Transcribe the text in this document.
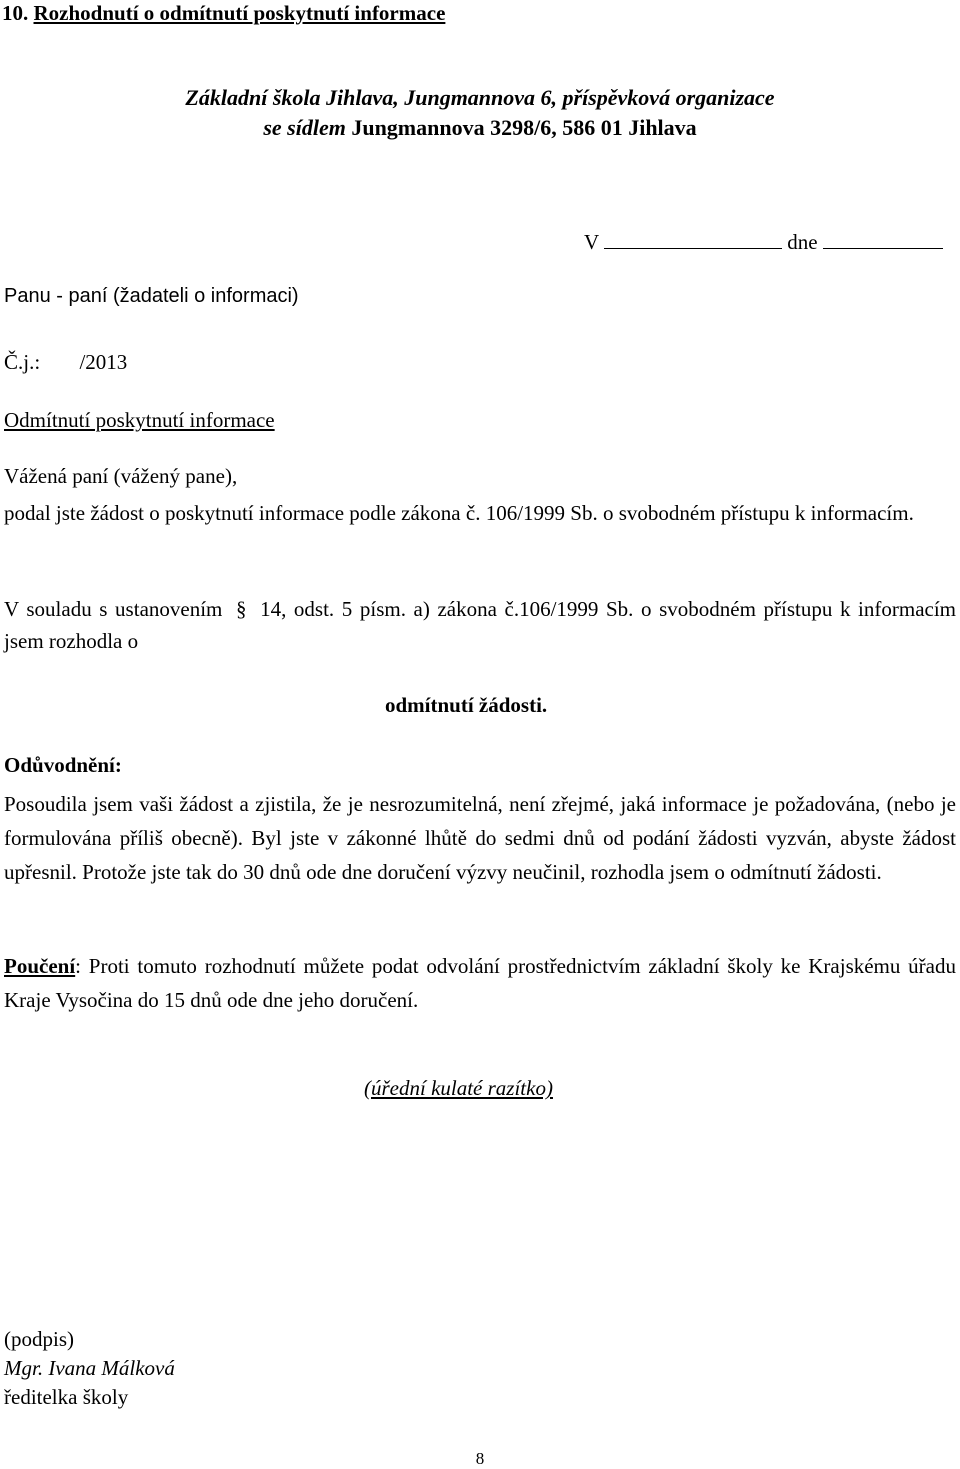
10. Rozhodnutí o odmítnutí poskytnutí informace
Základní škola Jihlava, Jungmannova 6, příspěvková organizace
se sídlem Jungmannova 3298/6, 586 01 Jihlava
V	dne
Panu - paní (žadateli o informaci)
Č.j.: /2013
Odmítnutí poskytnutí informace
Vážená paní (vážený pane),
podal jste žádost o poskytnutí informace podle zákona č. 106/1999 Sb. o svobodném přístupu k informacím.
V souladu s ustanovením § 14, odst. 5 písm. a) zákona č.106/1999 Sb. o svobodném přístupu k informacím jsem rozhodla o
odmítnutí žádosti.
Odůvodnění:
Posoudila jsem vaši žádost a zjistila, že je nesrozumitelná, není zřejmé, jaká informace je požadována, (nebo je formulována příliš obecně). Byl jste v zákonné lhůtě do sedmi dnů od podání žádosti vyzván, abyste žádost upřesnil. Protože jste tak do 30 dnů ode dne doručení výzvy neučinil, rozhodla jsem o odmítnutí žádosti.
Poučení: Proti tomuto rozhodnutí můžete podat odvolání prostřednictvím základní školy ke Krajskému úřadu Kraje Vysočina do 15 dnů ode dne jeho doručení.
(úřední kulaté razítko)
(podpis)
Mgr. Ivana Málková
ředitelka školy
8
